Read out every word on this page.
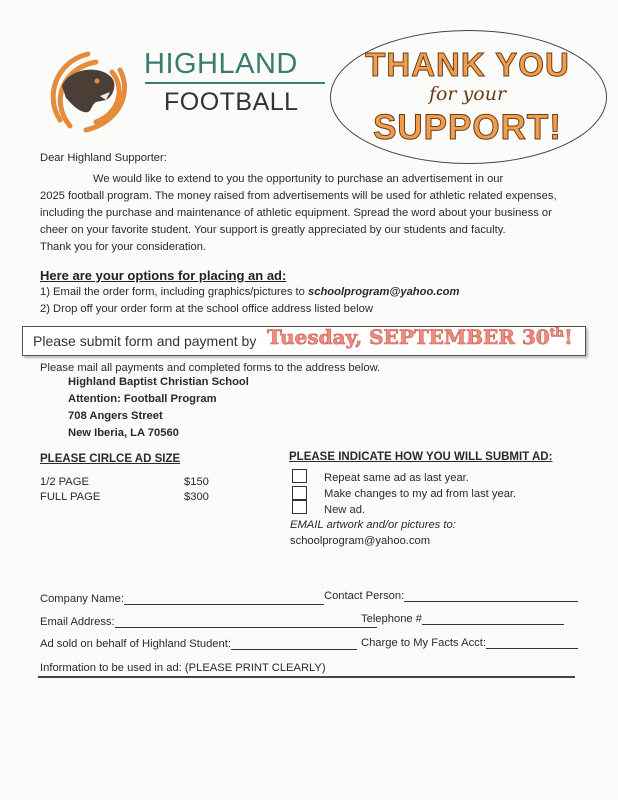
HIGHLAND
FOOTBALL
THANK YOU
for your
SUPPORT!
Dear Highland Supporter:

We would like to extend to you the opportunity to purchase an advertisement in our

2025 football program. The money raised from advertisements will be used for athletic related expenses,

including the purchase and maintenance of athletic equipment. Spread the word about your business or

cheer on your favorite student. Your support is greatly appreciated by our students and faculty.

Thank you for your consideration.

Here are your options for placing an ad:
1) Email the order form, including graphics/pictures to schoolprogram@yahoo.com
2) Drop off your order form at the school office address listed below
Please submit form and payment by Tuesday, SEPTEMBER 30th!
Please mail all payments and completed forms to the address below.
Highland Baptist Christian School
Attention: Football Program
708 Angers Street
New Iberia, LA 70560
PLEASE CIRLCE AD SIZE
1/2 PAGE	$150
FULL PAGE	$300
PLEASE INDICATE HOW YOU WILL SUBMIT AD:
Repeat same ad as last year.
Make changes to my ad from last year.
New ad.
EMAIL artwork and/or pictures to:
schoolprogram@yahoo.com
Company Name:	Contact Person:
Email Address:	Telephone #
Ad sold on behalf of Highland Student:	Charge to My Facts Acct:
Information to be used in ad: (PLEASE PRINT CLEARLY)
